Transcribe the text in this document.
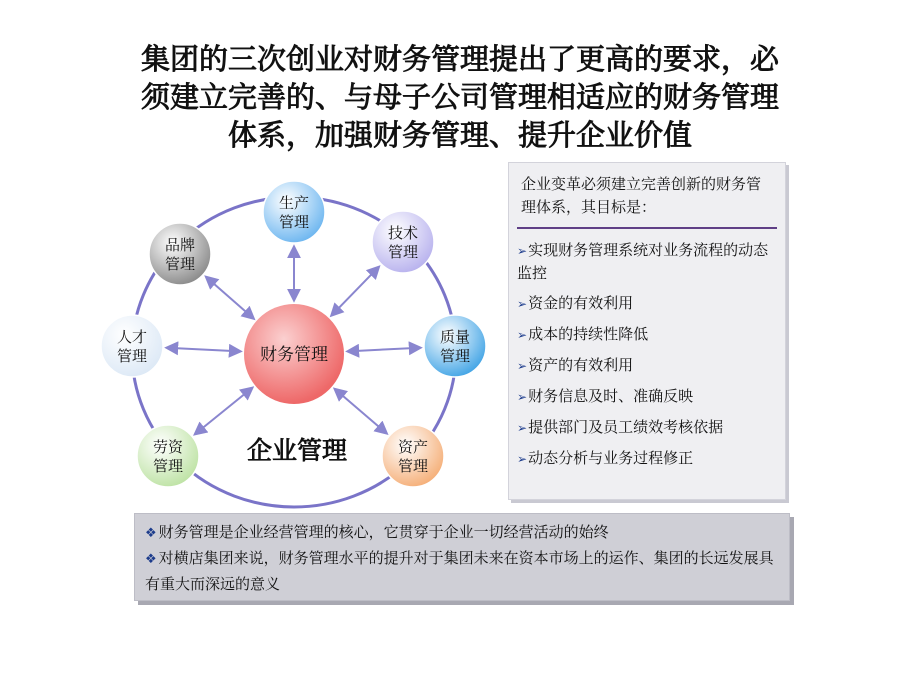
集团的三次创业对财务管理提出了更高的要求，必
须建立完善的、与母子公司管理相适应的财务管理
体系，加强财务管理、提升企业价值
生产
管理
技术
管理
质量
管理
资产
管理
劳资
管理
人才
管理
品牌
管理
财务管理
企业管理
企业变革必须建立完善创新的财务管理体系，其目标是：
➢实现财务管理系统对业务流程的动态监控
➢资金的有效利用
➢成本的持续性降低
➢资产的有效利用
➢财务信息及时、准确反映
➢提供部门及员工绩效考核依据
➢动态分析与业务过程修正
❖ 财务管理是企业经营管理的核心，它贯穿于企业一切经营活动的始终
❖ 对横店集团来说，财务管理水平的提升对于集团未来在资本市场上的运作、集团的长远发展具有重大而深远的意义
